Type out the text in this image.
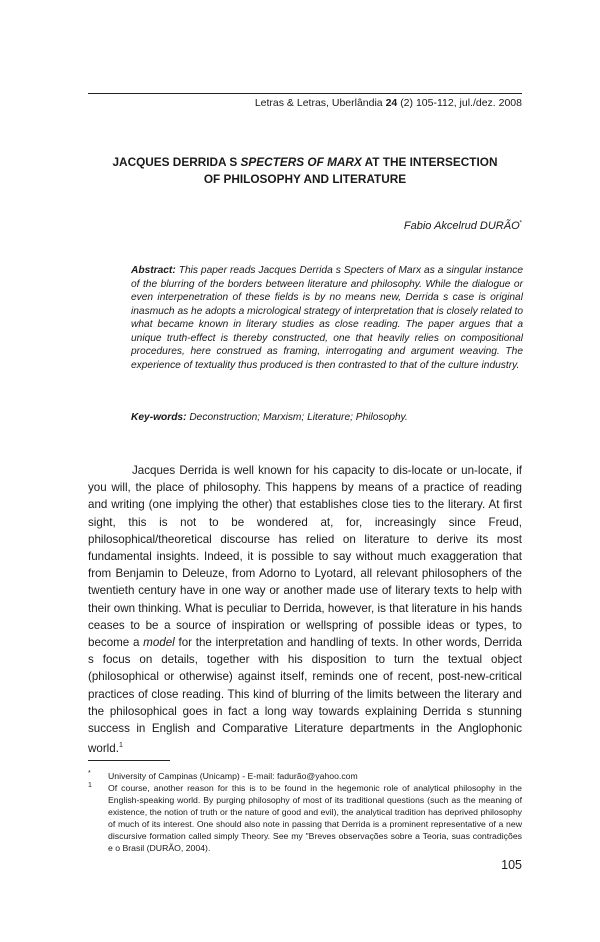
Letras & Letras, Uberlândia 24 (2) 105-112, jul./dez. 2008
JACQUES DERRIDA S SPECTERS OF MARX AT THE INTERSECTION
OF PHILOSOPHY AND LITERATURE
Fabio Akcelrud DURÃO*
Abstract: This paper reads Jacques Derrida s Specters of Marx as a singular instance of the blurring of the borders between literature and philosophy. While the dialogue or even interpenetration of these fields is by no means new, Derrida s case is original inasmuch as he adopts a micrological strategy of interpretation that is closely related to what became known in literary studies as close reading. The paper argues that a unique truth-effect is thereby constructed, one that heavily relies on compositional procedures, here construed as framing, interrogating and argument weaving. The experience of textuality thus produced is then contrasted to that of the culture industry.
Key-words: Deconstruction; Marxism; Literature; Philosophy.

Jacques Derrida is well known for his capacity to dis-locate or un-locate, if you will, the place of philosophy. This happens by means of a practice of reading and writing (one implying the other) that establishes close ties to the literary. At first sight, this is not to be wondered at, for, increasingly since Freud, philosophical/theoretical discourse has relied on literature to derive its most fundamental insights. Indeed, it is possible to say without much exaggeration that from Benjamin to Deleuze, from Adorno to Lyotard, all relevant philosophers of the twentieth century have in one way or another made use of literary texts to help with their own thinking. What is peculiar to Derrida, however, is that literature in his hands ceases to be a source of inspiration or wellspring of possible ideas or types, to become a model for the interpretation and handling of texts. In other words, Derrida s focus on details, together with his disposition to turn the textual object (philosophical or otherwise) against itself, reminds one of recent, post-new-critical practices of close reading. This kind of blurring of the limits between the literary and the philosophical goes in fact a long way towards explaining Derrida s stunning success in English and Comparative Literature departments in the Anglophonic world.$^1$

* University of Campinas (Unicamp) - E-mail: fadurão@yahoo.com
1 Of course, another reason for this is to be found in the hegemonic role of analytical philosophy in the English-speaking world. By purging philosophy of most of its traditional questions (such as the meaning of existence, the notion of truth or the nature of good and evil), the analytical tradition has deprived philosophy of much of its interest. One should also note in passing that Derrida is a prominent representative of a new discursive formation called simply Theory. See my "Breves observações sobre a Teoria, suas contradições e o Brasil (DURÃO, 2004).
105
